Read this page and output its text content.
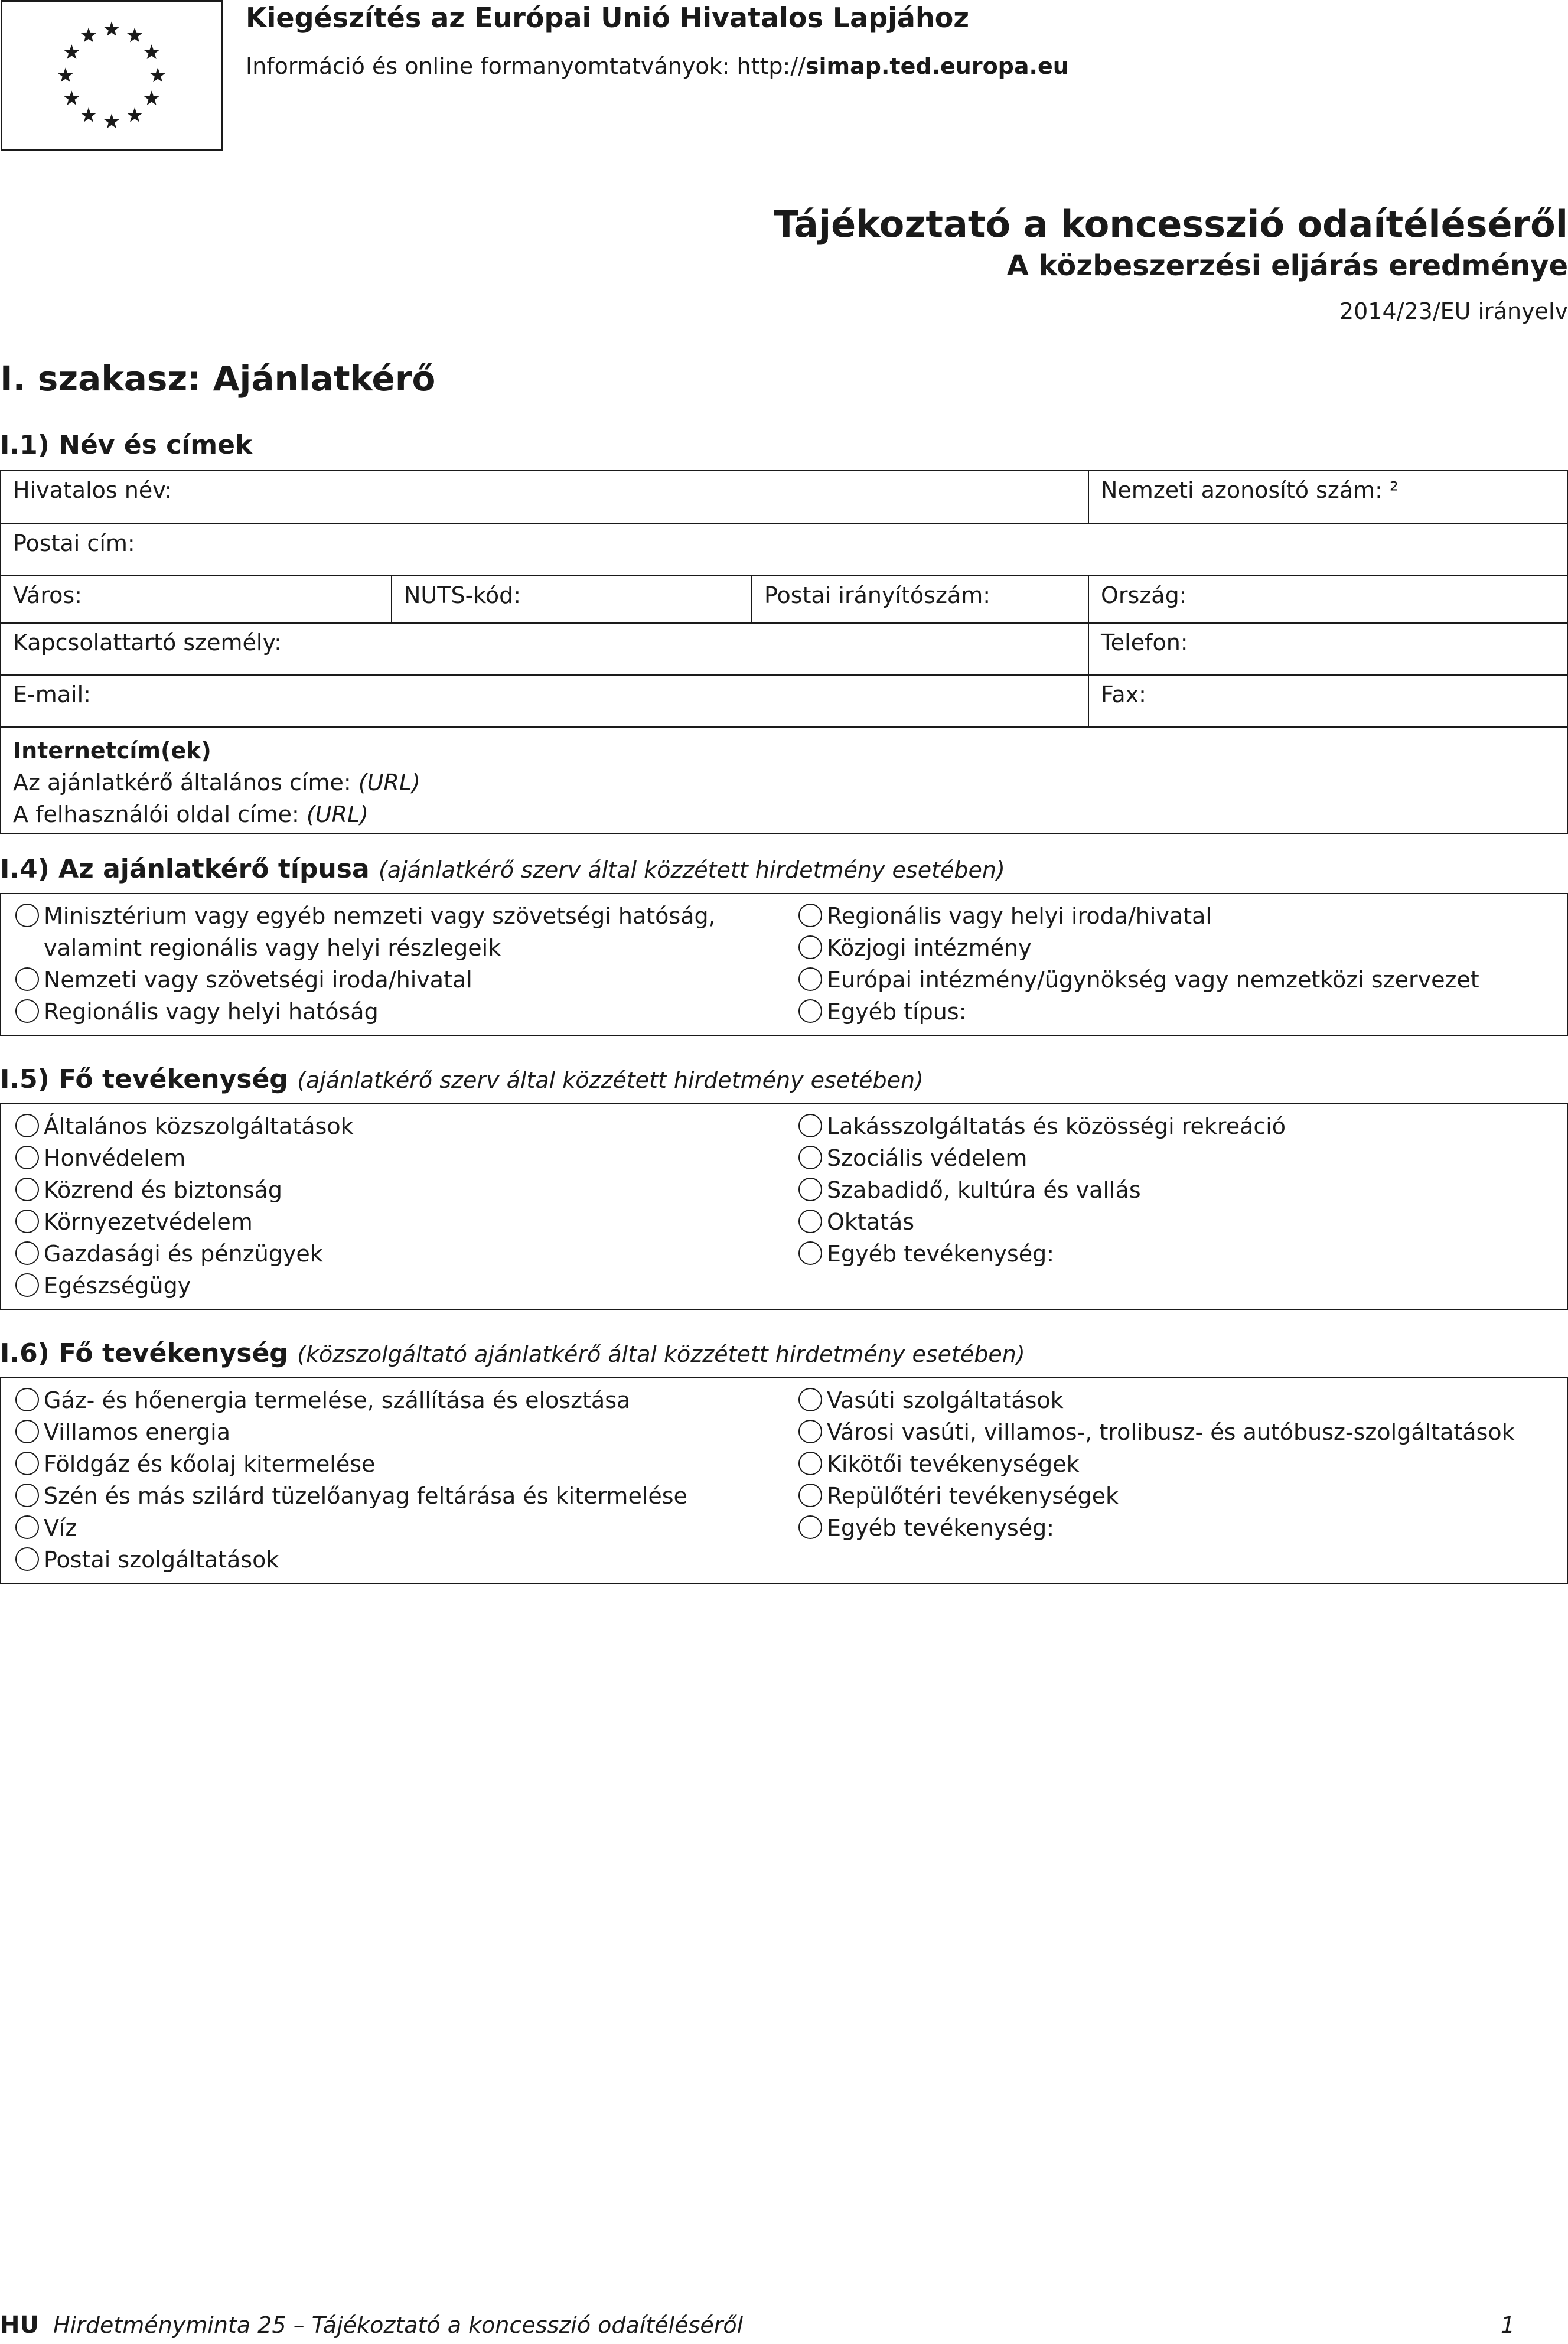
Kiegészítés az Európai Unió Hivatalos Lapjához
Információ és online formanyomtatványok: http://simap.ted.europa.eu
Tájékoztató a koncesszió odaítéléséről
A közbeszerzési eljárás eredménye
2014/23/EU irányelv
I. szakasz: Ajánlatkérő
I.1) Név és címek
Hivatalos név:	Nemzeti azonosító szám: ²
Postai cím:
Város:	NUTS-kód:	Postai irányítószám:	Ország:
Kapcsolattartó személy:	Telefon:
E-mail:	Fax:
Internetcím(ek)
Az ajánlatkérő általános címe: (URL)
A felhasználói oldal címe: (URL)
I.4) Az ajánlatkérő típusa (ajánlatkérő szerv által közzétett hirdetmény esetében)
Minisztérium vagy egyéb nemzeti vagy szövetségi hatóság,
valamint regionális vagy helyi részlegeik
Nemzeti vagy szövetségi iroda/hivatal
Regionális vagy helyi hatóság
Regionális vagy helyi iroda/hivatal
Közjogi intézmény
Európai intézmény/ügynökség vagy nemzetközi szervezet
Egyéb típus:
I.5) Fő tevékenység (ajánlatkérő szerv által közzétett hirdetmény esetében)
Általános közszolgáltatások
Honvédelem
Közrend és biztonság
Környezetvédelem
Gazdasági és pénzügyek
Egészségügy
Lakásszolgáltatás és közösségi rekreáció
Szociális védelem
Szabadidő, kultúra és vallás
Oktatás
Egyéb tevékenység:
I.6) Fő tevékenység (közszolgáltató ajánlatkérő által közzétett hirdetmény esetében)
Gáz- és hőenergia termelése, szállítása és elosztása
Villamos energia
Földgáz és kőolaj kitermelése
Szén és más szilárd tüzelőanyag feltárása és kitermelése
Víz
Postai szolgáltatások
Vasúti szolgáltatások
Városi vasúti, villamos-, trolibusz- és autóbusz-szolgáltatások
Kikötői tevékenységek
Repülőtéri tevékenységek
Egyéb tevékenység:
HU Hirdetményminta 25 – Tájékoztató a koncesszió odaítéléséről	1
